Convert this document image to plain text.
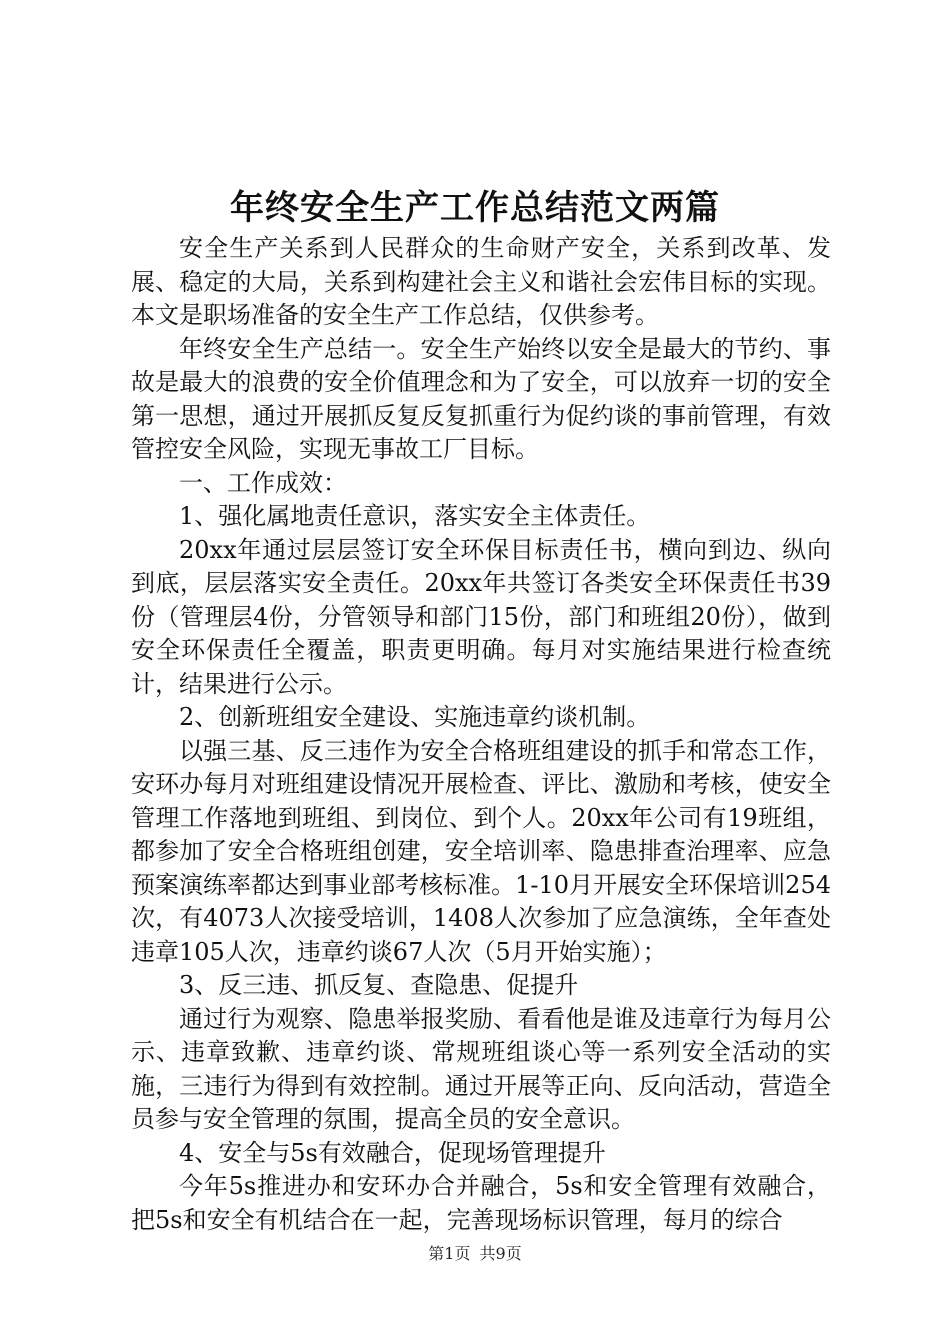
年终安全生产工作总结范文两篇

安全生产关系到人民群众的生命财产安全，关系到改革、发展、稳定的大局，关系到构建社会主义和谐社会宏伟目标的实现。本文是职场准备的安全生产工作总结，仅供参考。

年终安全生产总结一。安全生产始终以安全是最大的节约、事故是最大的浪费的安全价值理念和为了安全，可以放弃一切的安全第一思想，通过开展抓反复反复抓重行为促约谈的事前管理，有效管控安全风险，实现无事故工厂目标。

一、工作成效：

1、强化属地责任意识，落实安全主体责任。

20xx年通过层层签订安全环保目标责任书，横向到边、纵向到底，层层落实安全责任。20xx年共签订各类安全环保责任书39份（管理层4份，分管领导和部门15份，部门和班组20份），做到安全环保责任全覆盖，职责更明确。每月对实施结果进行检查统计，结果进行公示。

2、创新班组安全建设、实施违章约谈机制。

以强三基、反三违作为安全合格班组建设的抓手和常态工作，安环办每月对班组建设情况开展检查、评比、激励和考核，使安全管理工作落地到班组、到岗位、到个人。20xx年公司有19班组，都参加了安全合格班组创建，安全培训率、隐患排查治理率、应急预案演练率都达到事业部考核标准。1-10月开展安全环保培训254次，有4073人次接受培训，1408人次参加了应急演练，全年查处违章105人次，违章约谈67人次（5月开始实施）；

3、反三违、抓反复、查隐患、促提升

通过行为观察、隐患举报奖励、看看他是谁及违章行为每月公示、违章致歉、违章约谈、常规班组谈心等一系列安全活动的实施，三违行为得到有效控制。通过开展等正向、反向活动，营造全员参与安全管理的氛围，提高全员的安全意识。

4、安全与5s有效融合，促现场管理提升

今年5s推进办和安环办合并融合，5s和安全管理有效融合，把5s和安全有机结合在一起，完善现场标识管理，每月的综合

第1页 共9页
